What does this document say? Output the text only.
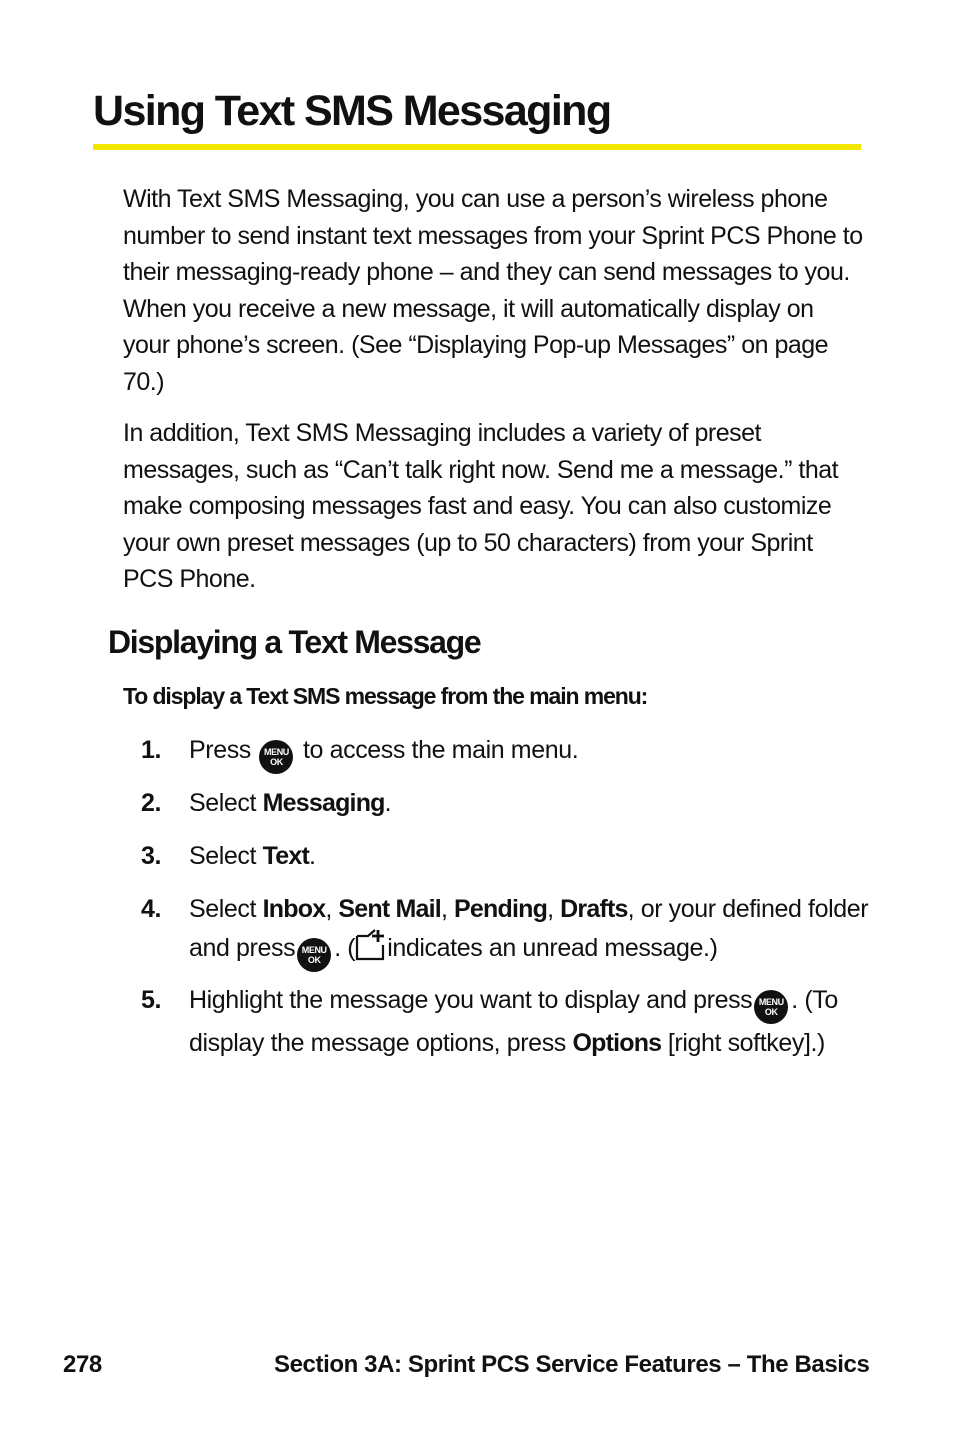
Using Text SMS Messaging

With Text SMS Messaging, you can use a person’s wireless phone number to send instant text messages from your Sprint PCS Phone to their messaging-ready phone – and they can send messages to you. When you receive a new message, it will automatically display on your phone’s screen. (See “Displaying Pop-up Messages” on page 70.)

In addition, Text SMS Messaging includes a variety of preset messages, such as “Can’t talk right now. Send me a message.” that make composing messages fast and easy. You can also customize your own preset messages (up to 50 characters) from your Sprint PCS Phone.

Displaying a Text Message

To display a Text SMS message from the main menu:

1.	Press	MENU
OK to access the main menu.
2.	Select Messaging.
3.	Select Text.
4.	Select Inbox, Sent Mail, Pending, Drafts, or your defined folder and press MENU
OK . ( indicates an unread message.)
5.	Highlight the message you want to display and press MENU
OK . (To display the message options, press Options [right softkey].)
278	Section 3A: Sprint PCS Service Features – The Basics
